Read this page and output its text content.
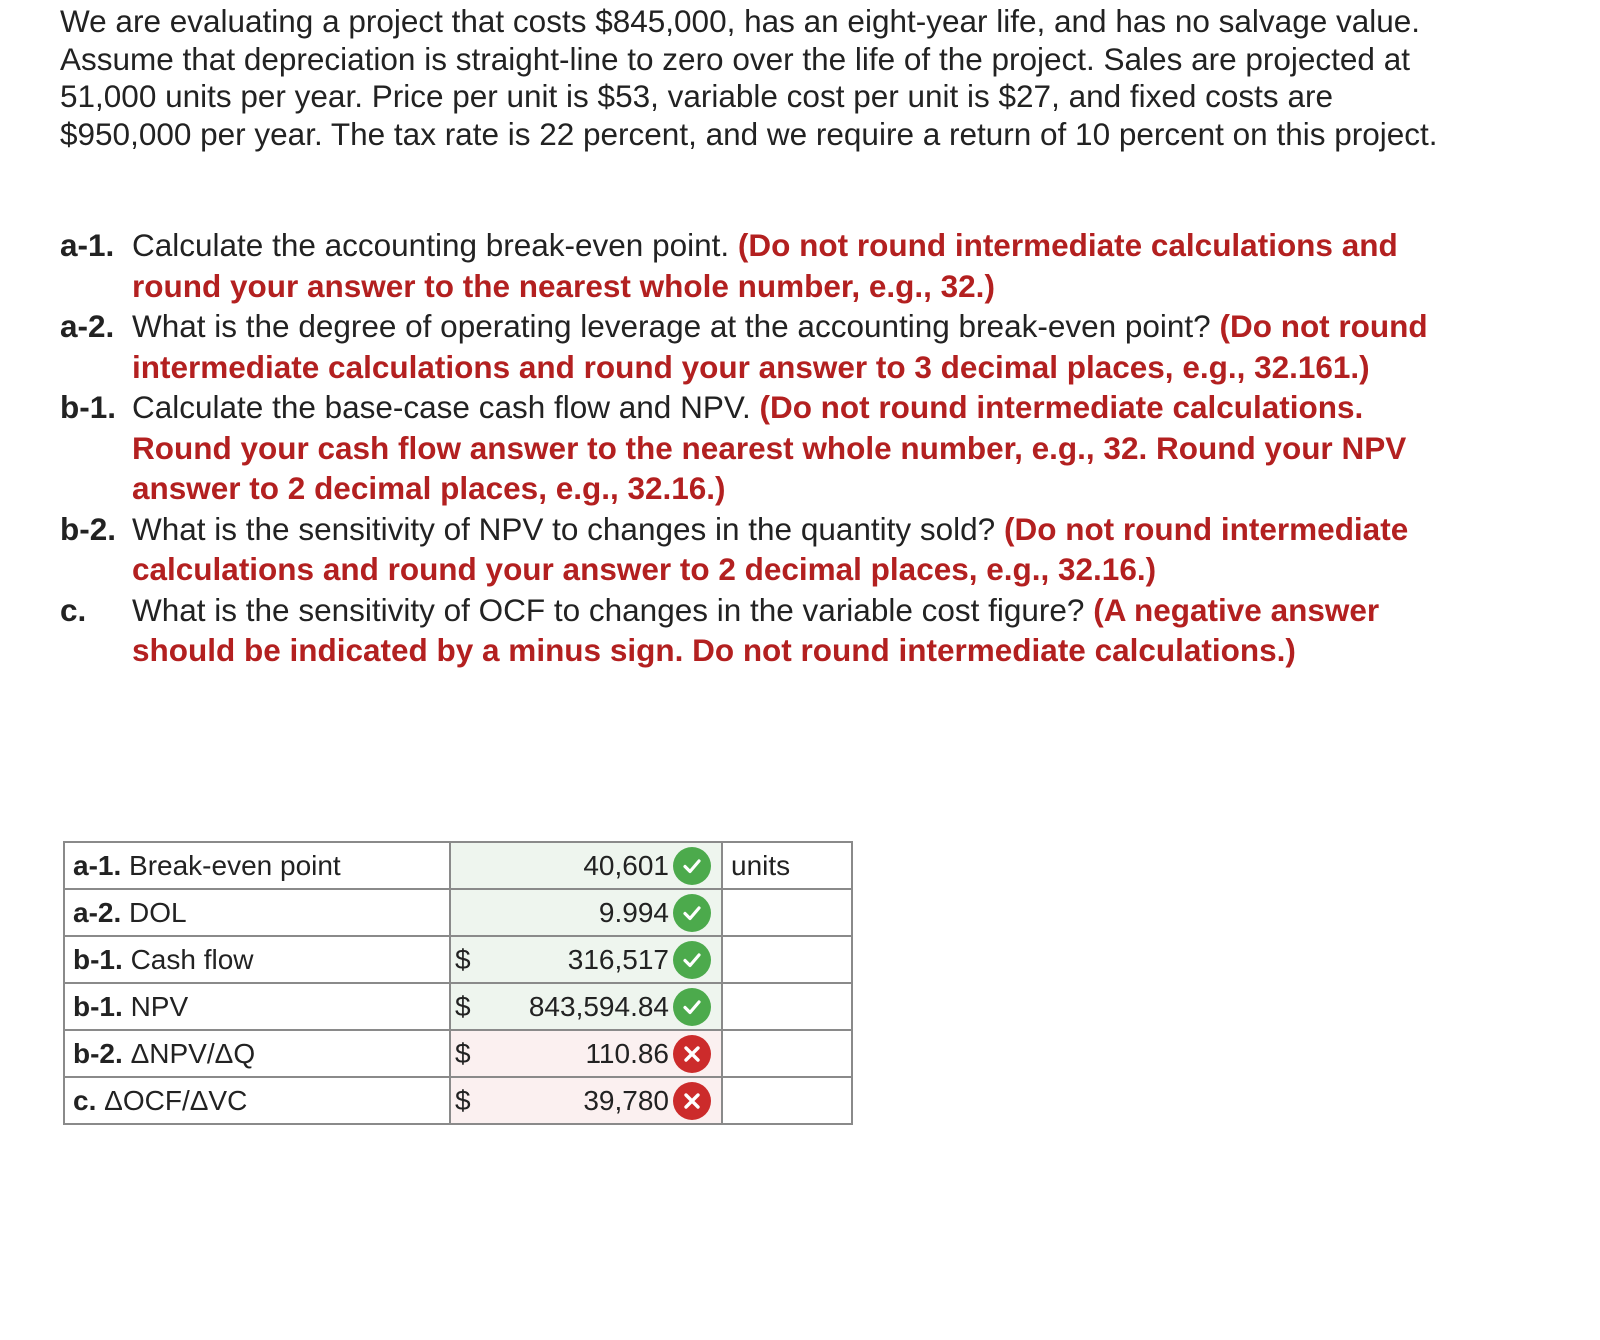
We are evaluating a project that costs $845,000, has an eight-year life, and has no salvage value. Assume that depreciation is straight-line to zero over the life of the project. Sales are projected at 51,000 units per year. Price per unit is $53, variable cost per unit is $27, and fixed costs are $950,000 per year. The tax rate is 22 percent, and we require a return of 10 percent on this project.

a-1. Calculate the accounting break-even point. (Do not round intermediate calculations and round your answer to the nearest whole number, e.g., 32.)
a-2. What is the degree of operating leverage at the accounting break-even point? (Do not round intermediate calculations and round your answer to 3 decimal places, e.g., 32.161.)
b-1. Calculate the base-case cash flow and NPV. (Do not round intermediate calculations. Round your cash flow answer to the nearest whole number, e.g., 32. Round your NPV answer to 2 decimal places, e.g., 32.16.)
b-2. What is the sensitivity of NPV to changes in the quantity sold? (Do not round intermediate calculations and round your answer to 2 decimal places, e.g., 32.16.)
c.	What is the sensitivity of OCF to changes in the variable cost figure? (A negative answer should be indicated by a minus sign. Do not round intermediate calculations.)
a-1. Break-even point	40,601	units
a-2. DOL	9.994	

b-1. Cash flow	$ 316,517	

b-1. NPV	$ 843,594.84	

b-2. ΔNPV/ΔQ	$ 110.86	

c. ΔOCF/ΔVC	$ 39,780	
